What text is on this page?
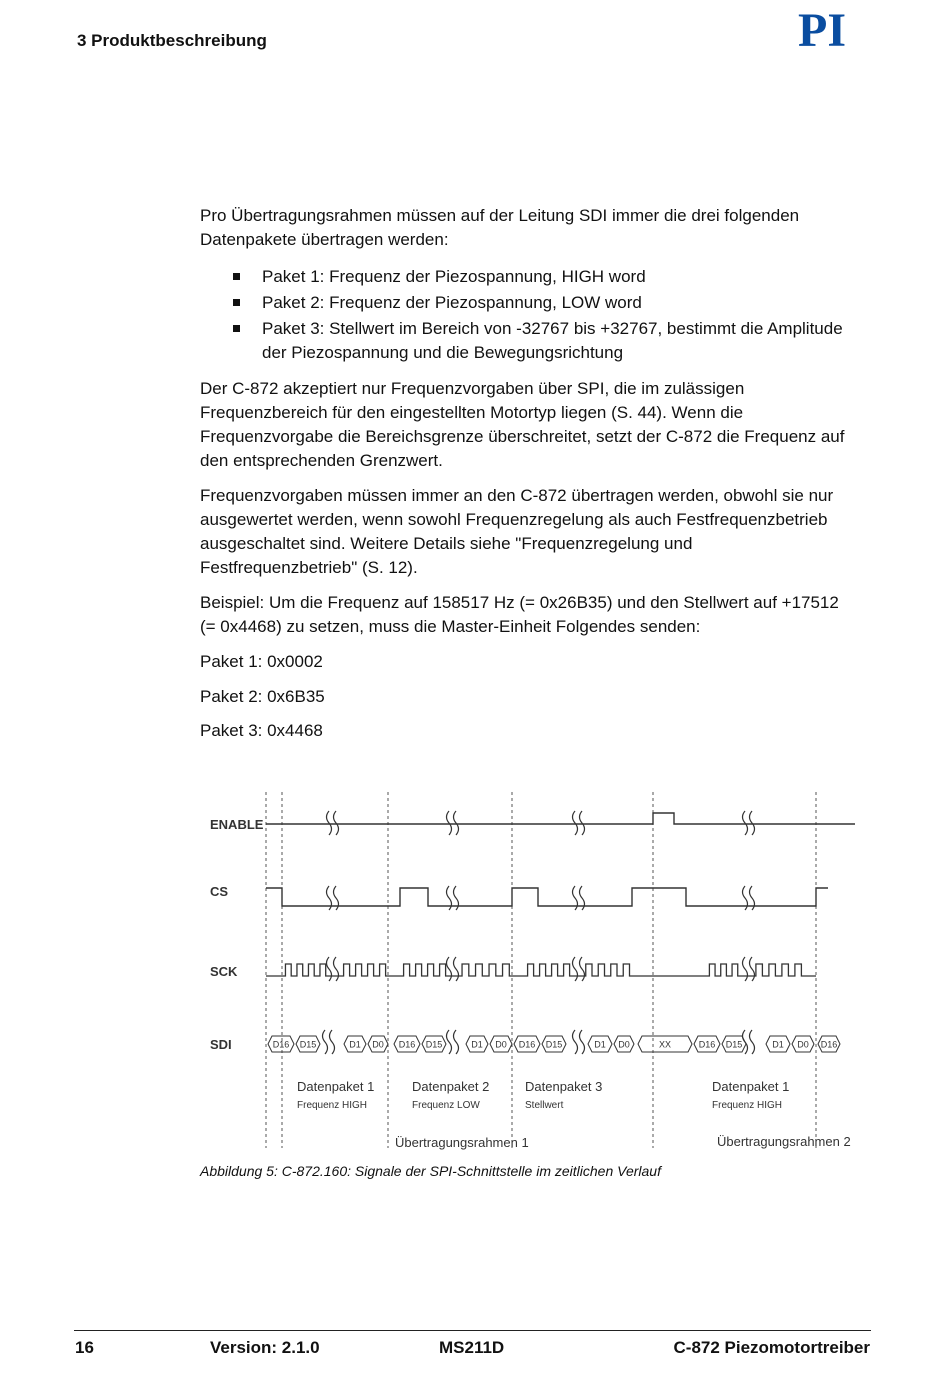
3 Produktbeschreibung	PI

Pro Übertragungsrahmen müssen auf der Leitung SDI immer die drei folgenden

Datenpakete übertragen werden:

Paket 1: Frequenz der Piezospannung, HIGH word
Paket 2: Frequenz der Piezospannung, LOW word
Paket 3: Stellwert im Bereich von -32767 bis +32767, bestimmt die Amplitude
der Piezospannung und die Bewegungsrichtung

Der C-872 akzeptiert nur Frequenzvorgaben über SPI, die im zulässigen

Frequenzbereich für den eingestellten Motortyp liegen (S. 44). Wenn die

Frequenzvorgabe die Bereichsgrenze überschreitet, setzt der C-872 die Frequenz auf

den entsprechenden Grenzwert.

Frequenzvorgaben müssen immer an den C-872 übertragen werden, obwohl sie nur

ausgewertet werden, wenn sowohl Frequenzregelung als auch Festfrequenzbetrieb

ausgeschaltet sind. Weitere Details siehe "Frequenzregelung und

Festfrequenzbetrieb" (S. 12).

Beispiel: Um die Frequenz auf 158517 Hz (= 0x26B35) und den Stellwert auf +17512

(= 0x4468) zu setzen, muss die Master-Einheit Folgendes senden:

Paket 1: 0x0002
Paket 2: 0x6B35
Paket 3: 0x4468
ENABLE
CS
SCK
SDI	D16 D15	D1 D0 D16 D15	D1 D0 D16 D15	D1 D0	XX	D16 D15	D1 D0 D16
Datenpaket 1
Frequenz HIGH
Datenpaket 2
Frequenz LOW
Datenpaket 3
Stellwert
Datenpaket 1
Frequenz HIGH
Übertragungsrahmen 1	Übertragungsrahmen 2
Abbildung 5: C-872.160: Signale der SPI-Schnittstelle im zeitlichen Verlauf
16	Version: 2.1.0	MS211D	C-872 Piezomotortreiber
